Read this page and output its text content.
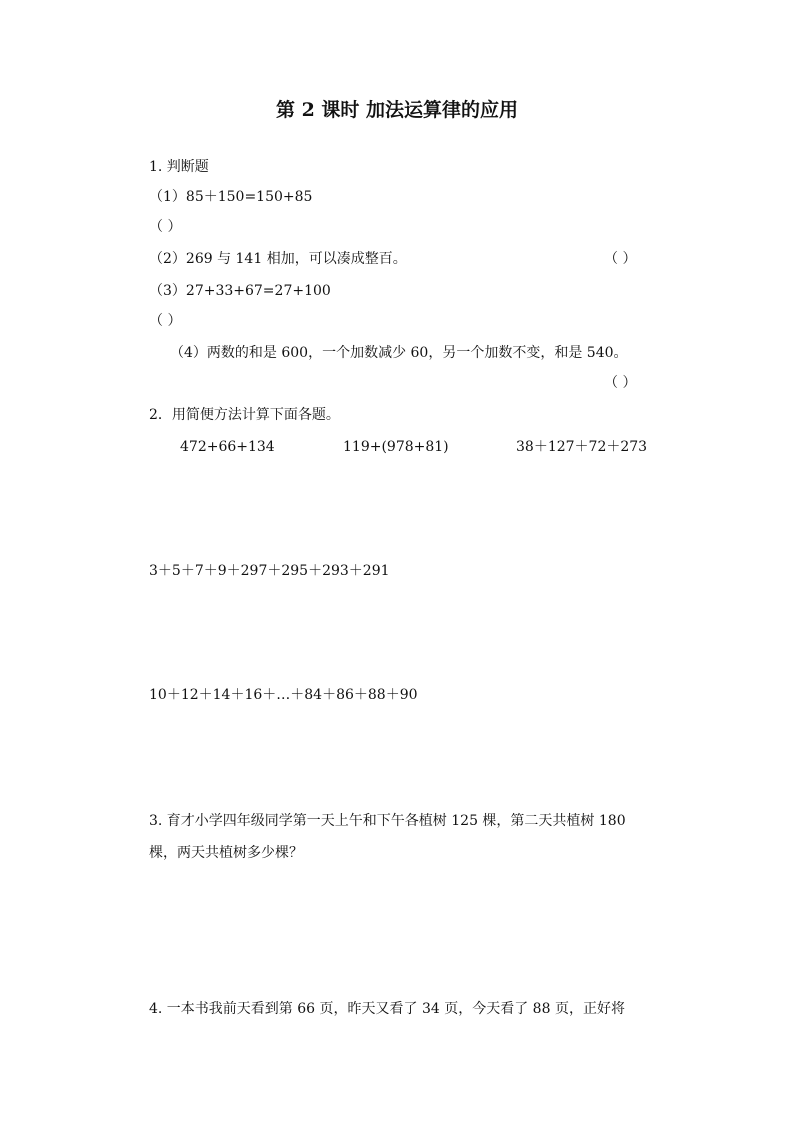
第 2 课时 加法运算律的应用
1. 判断题
（1）85＋150=150+85
（ ）
（2）269 与 141 相加，可以凑成整百。	（ ）
（3）27+33+67=27+100
（ ）
（4）两数的和是 600，一个加数减少 60，另一个加数不变，和是 540。
（ ）
2．用简便方法计算下面各题。
472+66+134	119+(978+81)	38＋127＋72＋273
3＋5＋7＋9＋297＋295＋293＋291
10＋12＋14＋16＋…＋84＋86＋88＋90
3. 育才小学四年级同学第一天上午和下午各植树 125 棵，第二天共植树 180
棵，两天共植树多少棵？
4. 一本书我前天看到第 66 页，昨天又看了 34 页，今天看了 88 页，正好将
